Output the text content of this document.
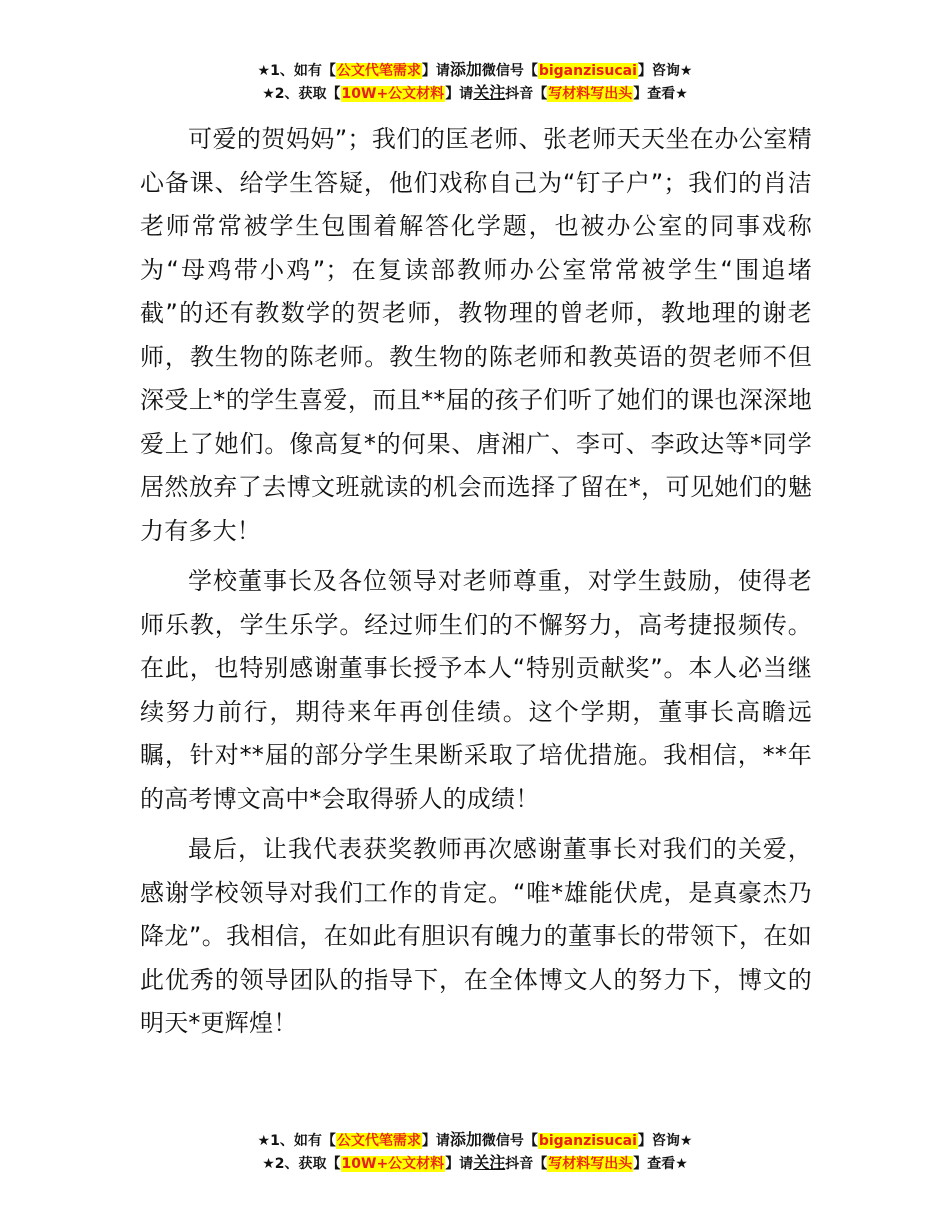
★1、如有【公文代笔需求】请添加微信号【biganzisucai】咨询★
★2、获取【10W+公文材料】请关注抖音【写材料写出头】查看★

可爱的贺妈妈”；我们的匡老师、张老师天天坐在办公室精心备课、给学生答疑，他们戏称自己为“钉子户”；我们的肖洁老师常常被学生包围着解答化学题，也被办公室的同事戏称为“母鸡带小鸡”；在复读部教师办公室常常被学生“围追堵截”的还有教数学的贺老师，教物理的曾老师，教地理的谢老师，教生物的陈老师。教生物的陈老师和教英语的贺老师不但深受上*的学生喜爱，而且**届的孩子们听了她们的课也深深地爱上了她们。像高复*的何果、唐湘广、李可、李政达等*同学居然放弃了去博文班就读的机会而选择了留在*，可见她们的魅力有多大！

学校董事长及各位领导对老师尊重，对学生鼓励，使得老师乐教，学生乐学。经过师生们的不懈努力，高考捷报频传。在此，也特别感谢董事长授予本人“特别贡献奖”。本人必当继续努力前行，期待来年再创佳绩。这个学期，董事长高瞻远瞩，针对**届的部分学生果断采取了培优措施。我相信，**年的高考博文高中*会取得骄人的成绩！

最后，让我代表获奖教师再次感谢董事长对我们的关爱，感谢学校领导对我们工作的肯定。“唯*雄能伏虎，是真豪杰乃降龙”。我相信，在如此有胆识有魄力的董事长的带领下，在如此优秀的领导团队的指导下，在全体博文人的努力下，博文的明天*更辉煌！

★1、如有【公文代笔需求】请添加微信号【biganzisucai】咨询★
★2、获取【10W+公文材料】请关注抖音【写材料写出头】查看★
